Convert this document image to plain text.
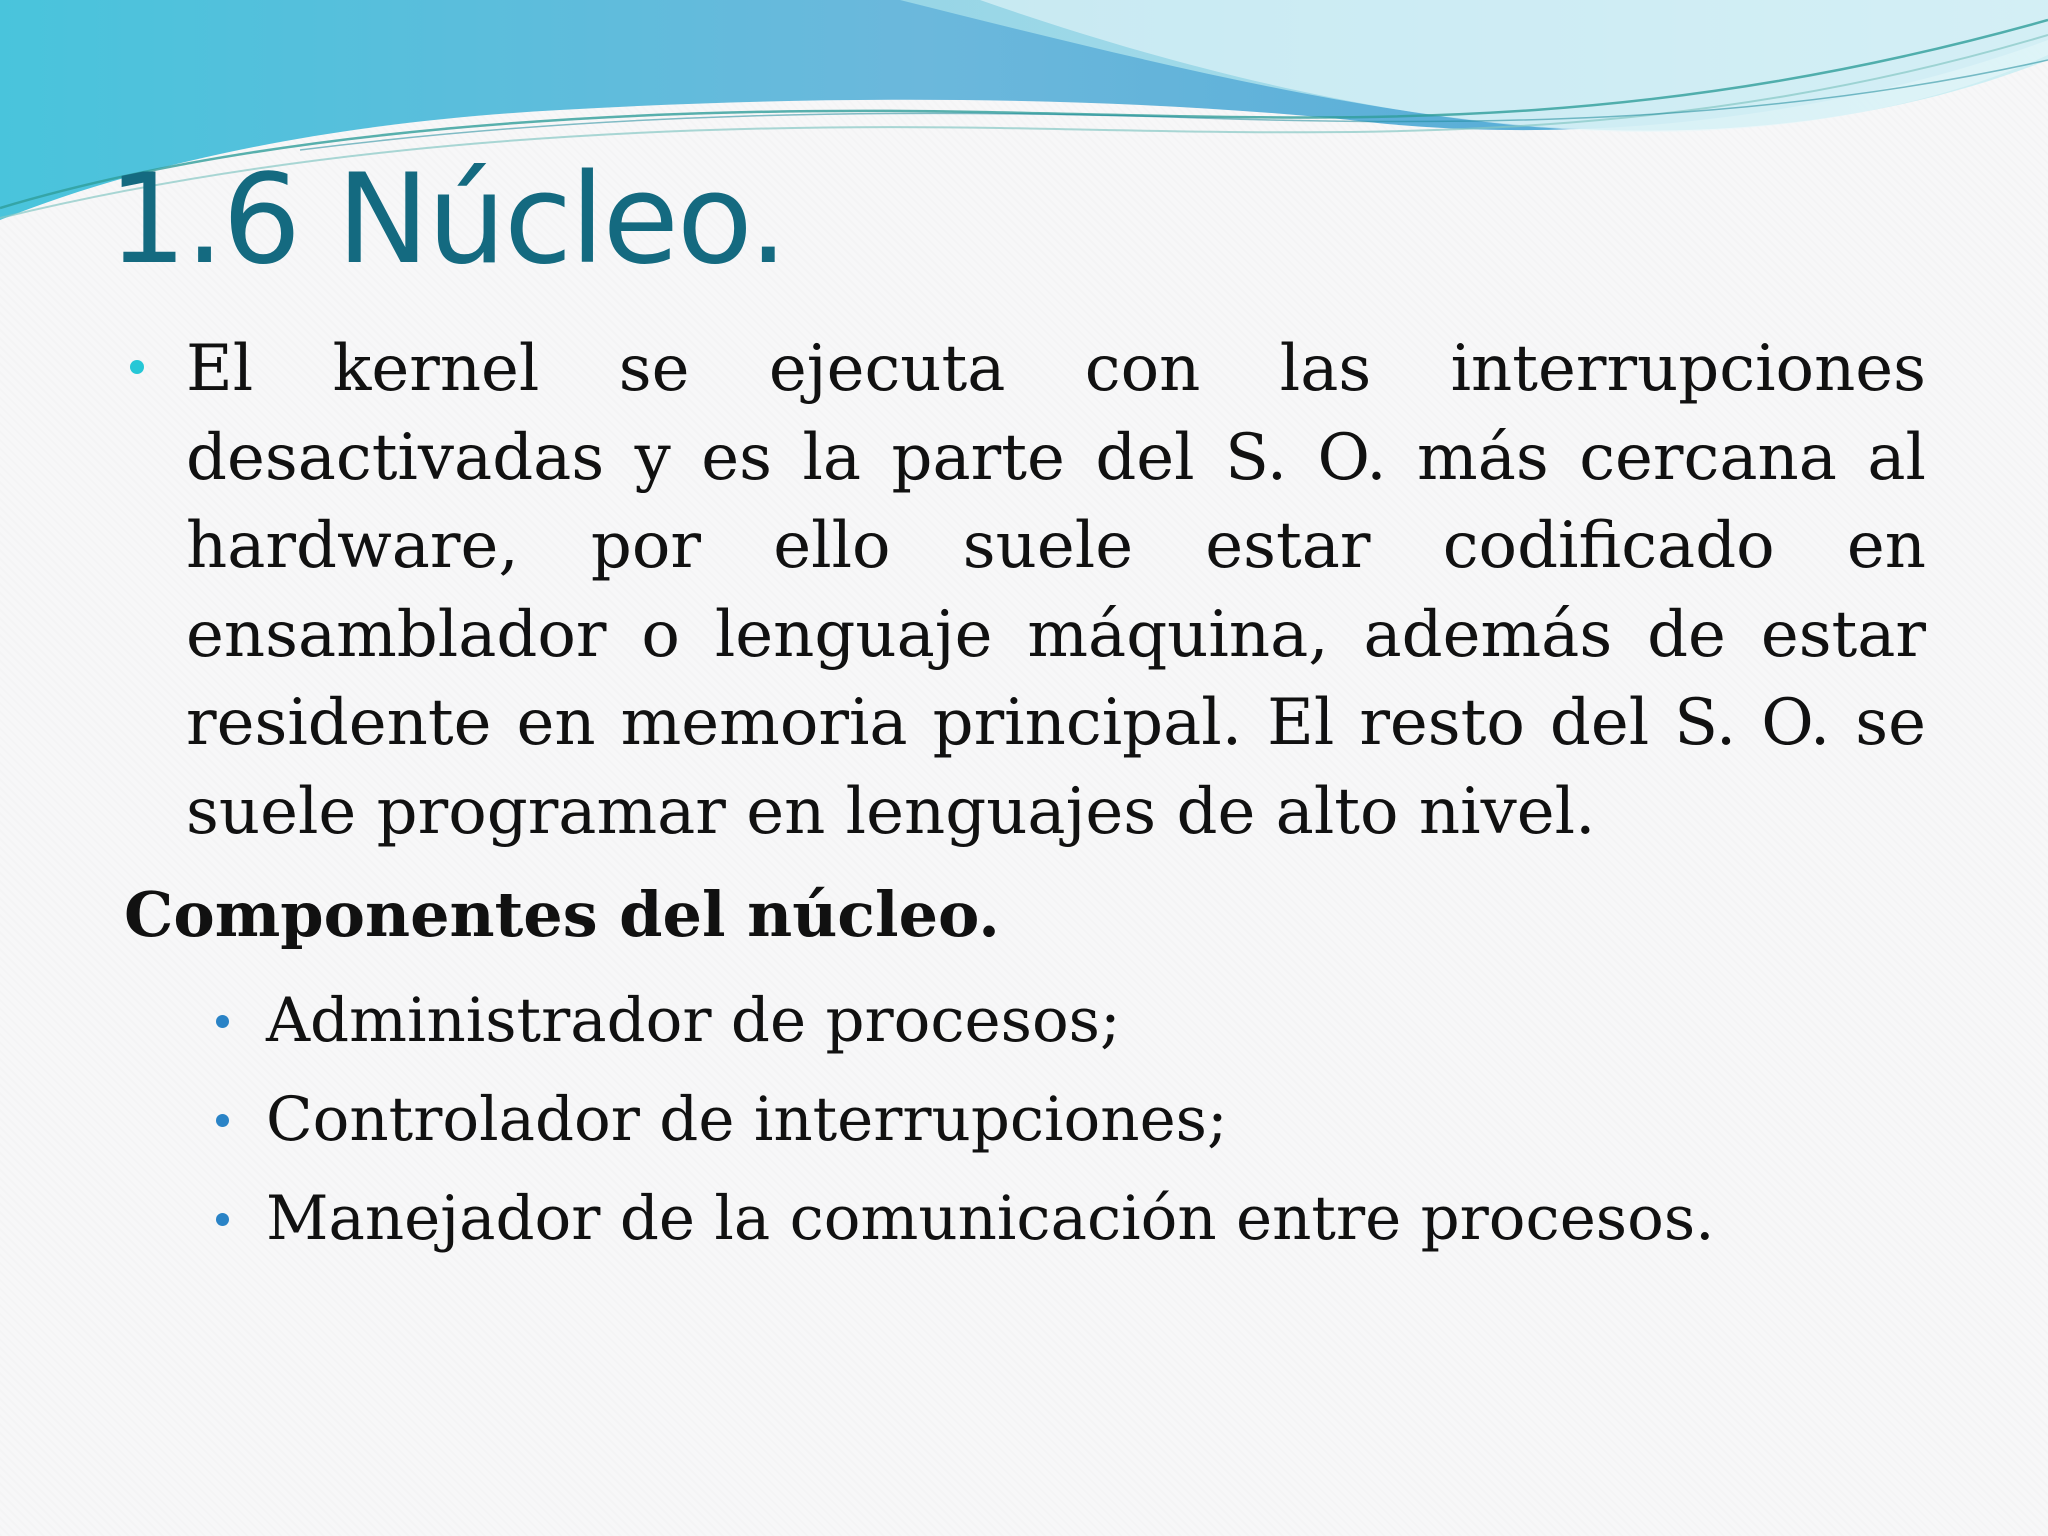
1.6 Núcleo.

El kernel se ejecuta con las interrupciones desactivadas y es la parte del S. O. más cercana al hardware, por ello suele estar codificado en ensamblador o lenguaje máquina, además de estar residente en memoria principal. El resto del S. O. se suele programar en lenguajes de alto nivel.

Componentes del núcleo.
Administrador de procesos;
Controlador de interrupciones;
Manejador de la comunicación entre procesos.
